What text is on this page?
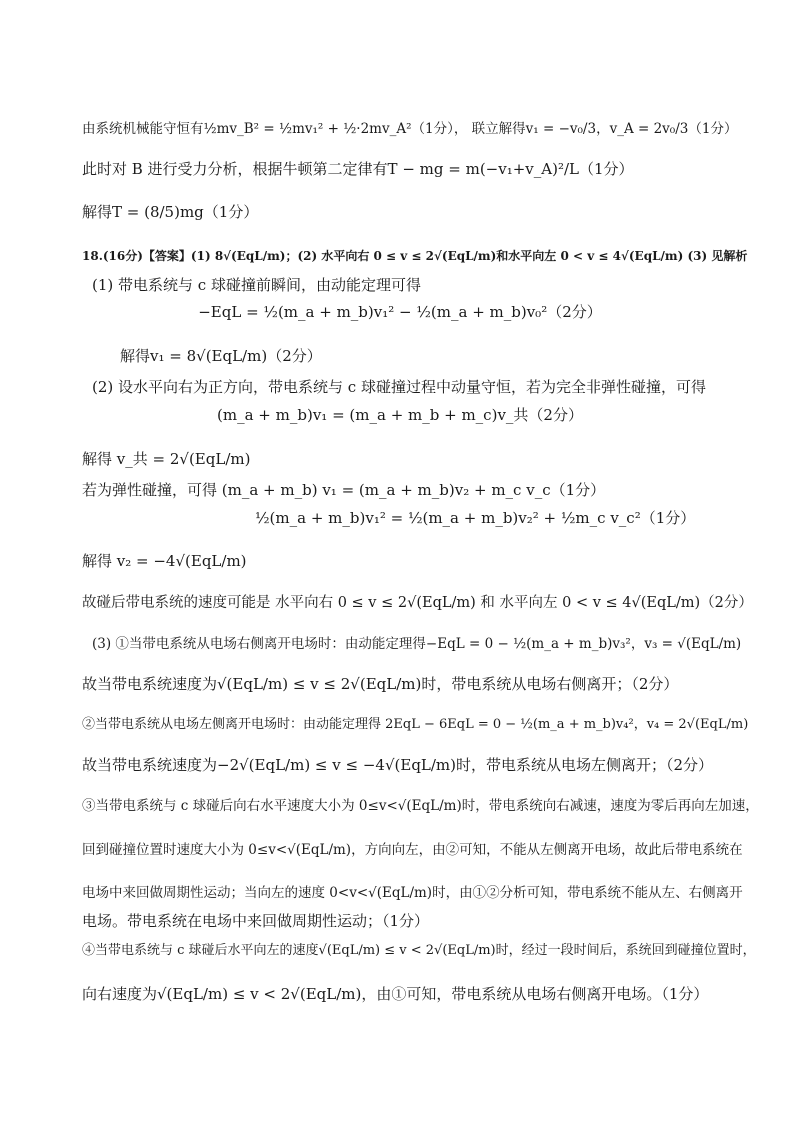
由系统机械能守恒有½mv_B² = ½mv₁² + ½·2mv_A²（1分）， 联立解得v₁ = −v₀/3，v_A = 2v₀/3（1分）
此时对 B 进行受力分析，根据牛顿第二定律有T − mg = m(−v₁+v_A)²/L（1分）
解得T = (8/5)mg（1分）
18.(16分)【答案】(1) 8√(EqL/m)；(2) 水平向右 0 ≤ v ≤ 2√(EqL/m)和水平向左 0 < v ≤ 4√(EqL/m) (3) 见解析
(1) 带电系统与 c 球碰撞前瞬间，由动能定理可得
−EqL = ½(m_a + m_b)v₁² − ½(m_a + m_b)v₀²（2分）
解得v₁ = 8√(EqL/m)（2分）
(2) 设水平向右为正方向，带电系统与 c 球碰撞过程中动量守恒，若为完全非弹性碰撞，可得
(m_a + m_b)v₁ = (m_a + m_b + m_c)v_共（2分）
解得 v_共 = 2√(EqL/m)
若为弹性碰撞，可得 (m_a + m_b) v₁ = (m_a + m_b)v₂ + m_c v_c（1分）
½(m_a + m_b)v₁² = ½(m_a + m_b)v₂² + ½m_c v_c²（1分）
解得 v₂ = −4√(EqL/m)
故碰后带电系统的速度可能是 水平向右 0 ≤ v ≤ 2√(EqL/m) 和 水平向左 0 < v ≤ 4√(EqL/m)（2分）
(3) ①当带电系统从电场右侧离开电场时：由动能定理得−EqL = 0 − ½(m_a + m_b)v₃²，v₃ = √(EqL/m)
故当带电系统速度为√(EqL/m) ≤ v ≤ 2√(EqL/m)时，带电系统从电场右侧离开；（2分）
②当带电系统从电场左侧离开电场时：由动能定理得 2EqL − 6EqL = 0 − ½(m_a + m_b)v₄²，v₄ = 2√(EqL/m)
故当带电系统速度为−2√(EqL/m) ≤ v ≤ −4√(EqL/m)时，带电系统从电场左侧离开；（2分）
③当带电系统与 c 球碰后向右水平速度大小为 0≤v<√(EqL/m)时，带电系统向右减速，速度为零后再向左加速，
回到碰撞位置时速度大小为 0≤v<√(EqL/m)，方向向左，由②可知，不能从左侧离开电场，故此后带电系统在
电场中来回做周期性运动；当向左的速度 0<v<√(EqL/m)时，由①②分析可知，带电系统不能从左、右侧离开
电场。带电系统在电场中来回做周期性运动；（1分）
④当带电系统与 c 球碰后水平向左的速度√(EqL/m) ≤ v < 2√(EqL/m)时，经过一段时间后，系统回到碰撞位置时，
向右速度为√(EqL/m) ≤ v < 2√(EqL/m)，由①可知，带电系统从电场右侧离开电场。（1分）
